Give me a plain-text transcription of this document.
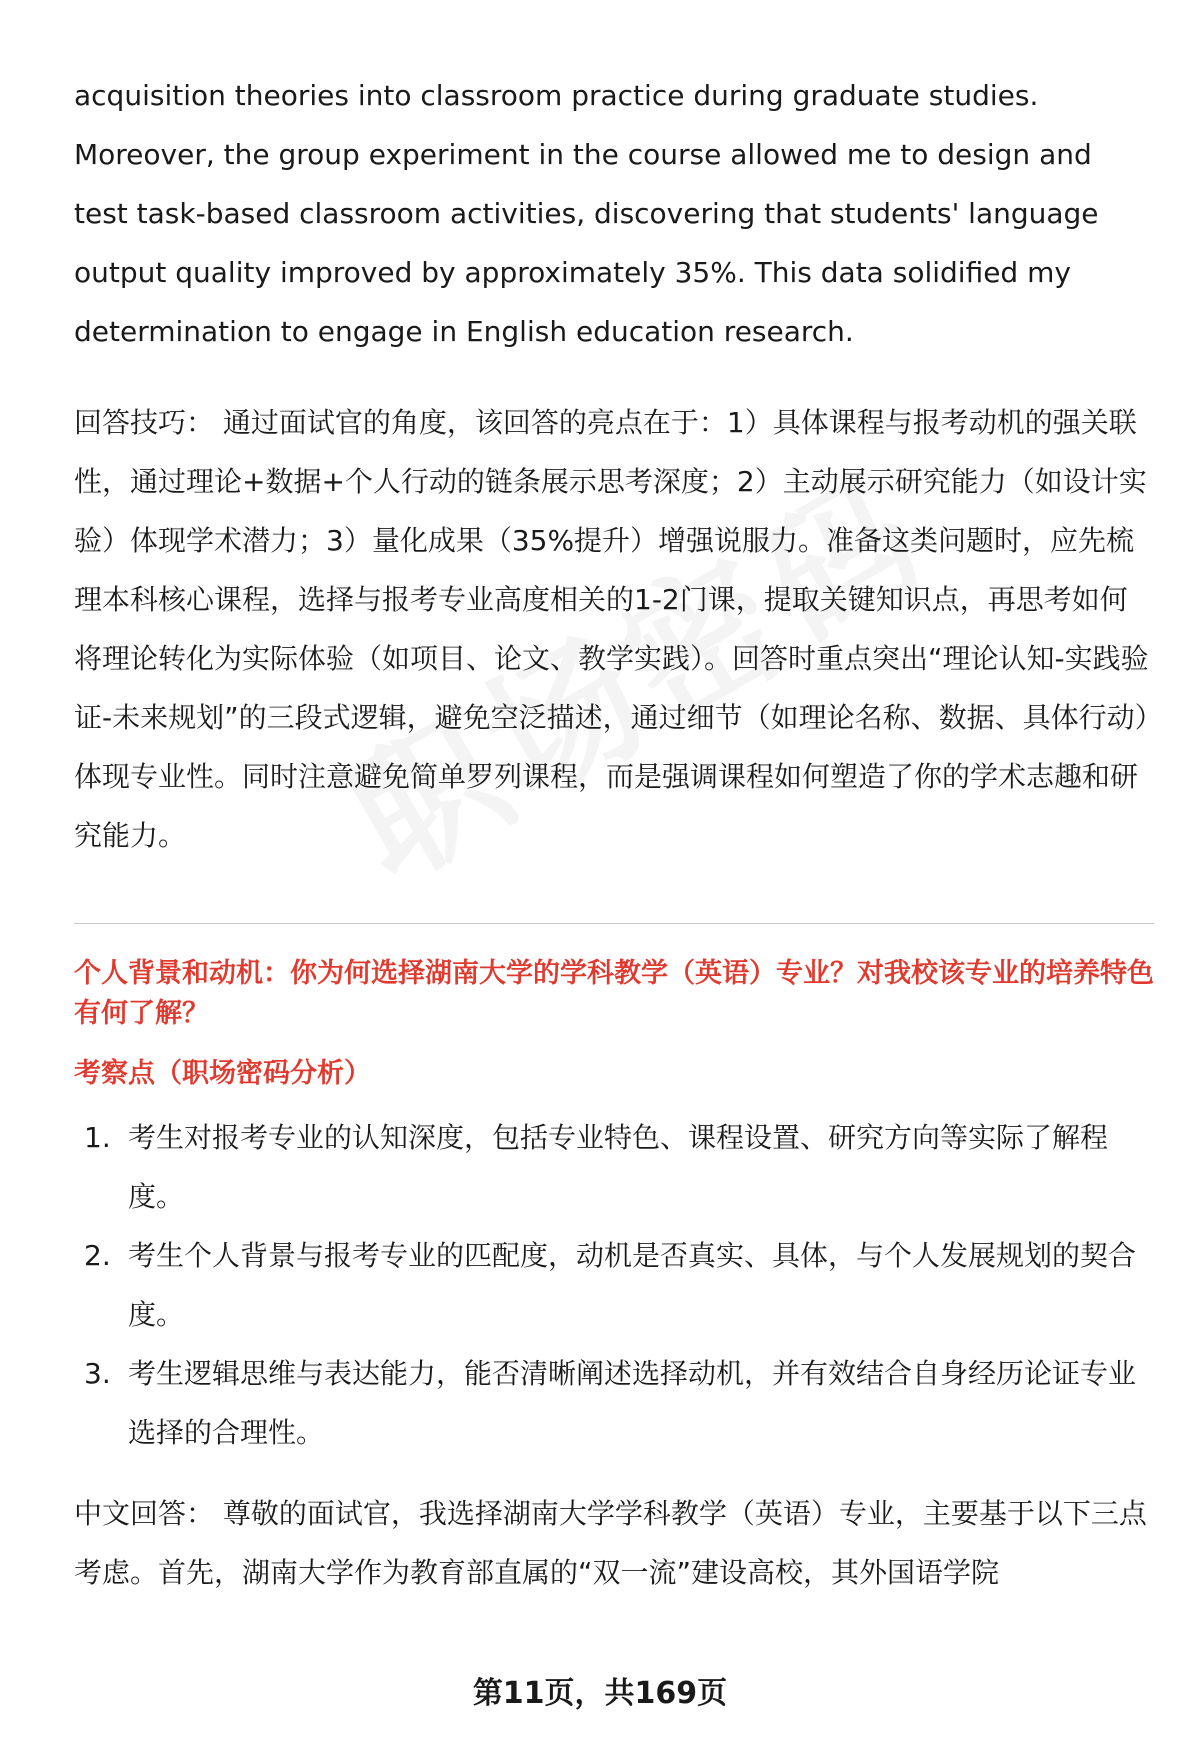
acquisition theories into classroom practice during graduate studies. Moreover, the group experiment in the course allowed me to design and test task-based classroom activities, discovering that students' language output quality improved by approximately 35%. This data solidified my determination to engage in English education research.

回答技巧： 通过面试官的角度，该回答的亮点在于：1）具体课程与报考动机的强关联性，通过理论+数据+个人行动的链条展示思考深度；2）主动展示研究能力（如设计实验）体现学术潜力；3）量化成果（35%提升）增强说服力。准备这类问题时，应先梳理本科核心课程，选择与报考专业高度相关的1-2门课，提取关键知识点，再思考如何将理论转化为实际体验（如项目、论文、教学实践）。回答时重点突出“理论认知-实践验证-未来规划”的三段式逻辑，避免空泛描述，通过细节（如理论名称、数据、具体行动）体现专业性。同时注意避免简单罗列课程，而是强调课程如何塑造了你的学术志趣和研究能力。

个人背景和动机：你为何选择湖南大学的学科教学（英语）专业？对我校该专业的培养特色有何了解？

考察点（职场密码分析）

1. 考生对报考专业的认知深度，包括专业特色、课程设置、研究方向等实际了解程度。
2. 考生个人背景与报考专业的匹配度，动机是否真实、具体，与个人发展规划的契合度。
3. 考生逻辑思维与表达能力，能否清晰阐述选择动机，并有效结合自身经历论证专业选择的合理性。

中文回答： 尊敬的面试官，我选择湖南大学学科教学（英语）专业，主要基于以下三点考虑。首先，湖南大学作为教育部直属的“双一流”建设高校，其外国语学院

第11页，共169页
